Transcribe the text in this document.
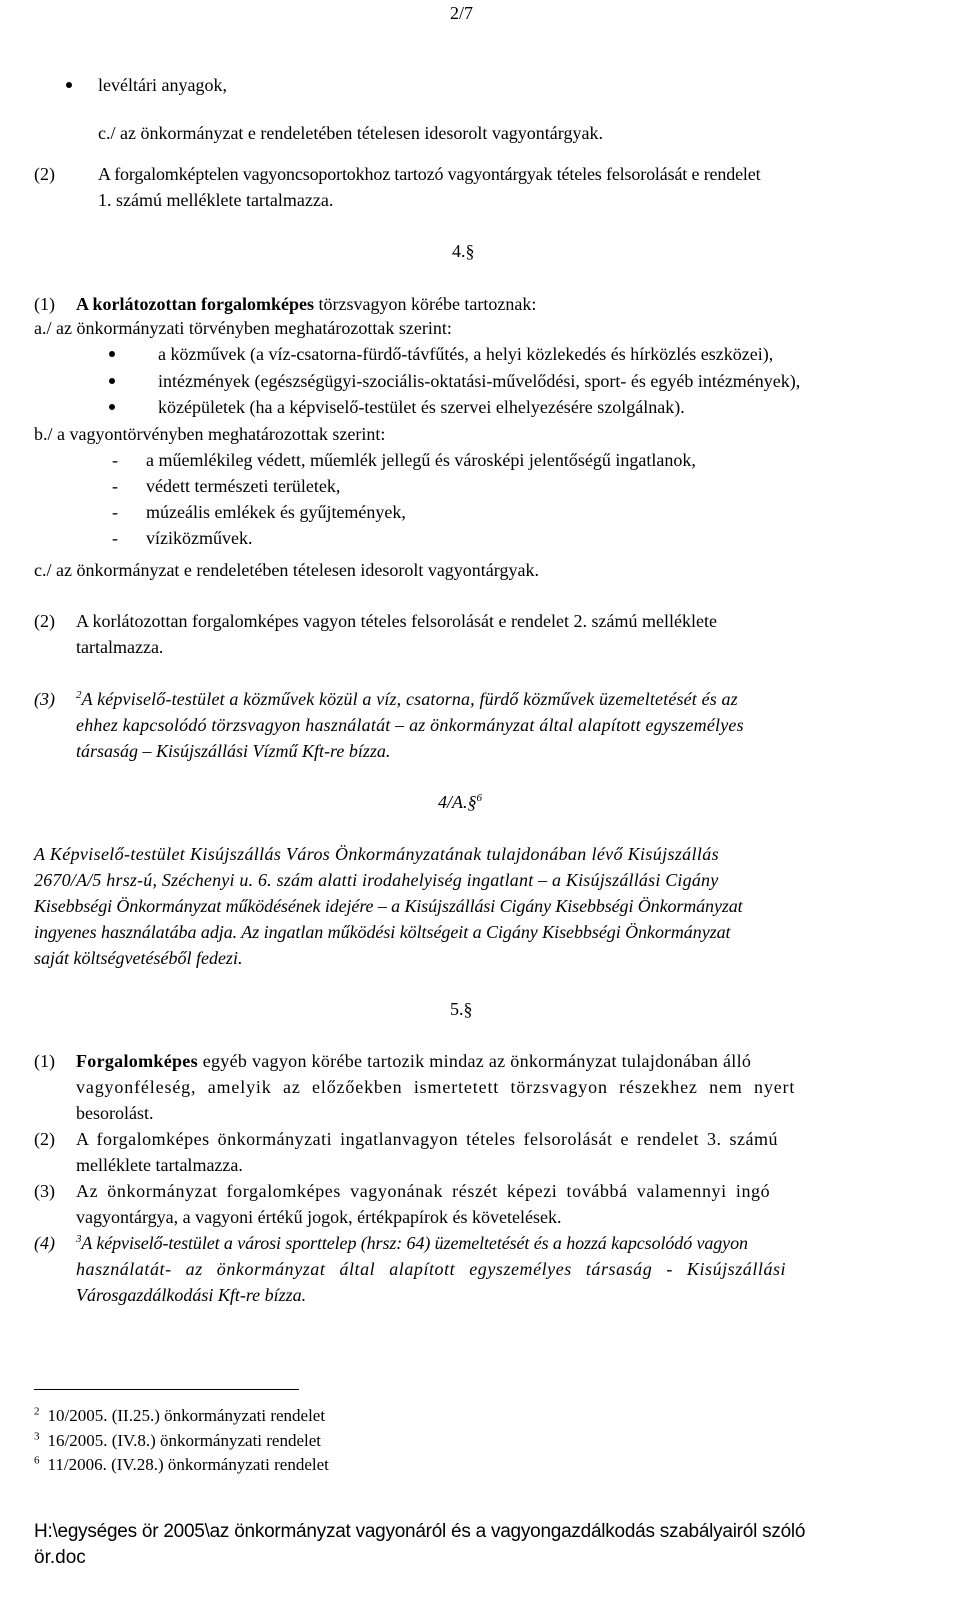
2/7
levéltári anyagok,
c./ az önkormányzat e rendeletében tételesen idesorolt vagyontárgyak.
(2) A forgalomképtelen vagyoncsoportokhoz tartozó vagyontárgyak tételes felsorolását e rendelet
1. számú melléklete tartalmazza.
4.§
(1) A korlátozottan forgalomképes törzsvagyon körébe tartoznak:
a./ az önkormányzati törvényben meghatározottak szerint:
a közművek (a víz-csatorna-fürdő-távfűtés, a helyi közlekedés és hírközlés eszközei),
intézmények (egészségügyi-szociális-oktatási-művelődési, sport- és egyéb intézmények),
középületek (ha a képviselő-testület és szervei elhelyezésére szolgálnak).
b./ a vagyontörvényben meghatározottak szerint:
- a műemlékileg védett, műemlék jellegű és városképi jelentőségű ingatlanok,
- védett természeti területek,
- múzeális emlékek és gyűjtemények,
- víziközművek.
c./ az önkormányzat e rendeletében tételesen idesorolt vagyontárgyak.
(2) A korlátozottan forgalomképes vagyon tételes felsorolását e rendelet 2. számú melléklete
tartalmazza.
(3) $^2$A képviselő-testület a közművek közül a víz, csatorna, fürdő közművek üzemeltetését és az
ehhez kapcsolódó törzsvagyon használatát – az önkormányzat által alapított egyszemélyes
társaság – Kisújszállási Vízmű Kft-re bízza.
4/A.§$^6$
A Képviselő-testület Kisújszállás Város Önkormányzatának tulajdonában lévő Kisújszállás
2670/A/5 hrsz-ú, Széchenyi u. 6. szám alatti irodahelyiség ingatlant – a Kisújszállási Cigány
Kisebbségi Önkormányzat működésének idejére – a Kisújszállási Cigány Kisebbségi Önkormányzat
ingyenes használatába adja. Az ingatlan működési költségeit a Cigány Kisebbségi Önkormányzat
saját költségvetéséből fedezi.
5.§
(1) Forgalomképes egyéb vagyon körébe tartozik mindaz az önkormányzat tulajdonában álló
vagyonféleség, amelyik az előzőekben ismertetett törzsvagyon részekhez nem nyert
besorolást.
(2) A forgalomképes önkormányzati ingatlanvagyon tételes felsorolását e rendelet 3. számú
melléklete tartalmazza.
(3) Az önkormányzat forgalomképes vagyonának részét képezi továbbá valamennyi ingó
vagyontárgya, a vagyoni értékű jogok, értékpapírok és követelések.
(4) $^3$A képviselő-testület a városi sporttelep (hrsz: 64) üzemeltetését és a hozzá kapcsolódó vagyon
használatát- az önkormányzat által alapított egyszemélyes társaság - Kisújszállási
Városgazdálkodási Kft-re bízza.
$^2$ 10/2005. (II.25.) önkormányzati rendelet
$^3$ 16/2005. (IV.8.) önkormányzati rendelet
$^6$ 11/2006. (IV.28.) önkormányzati rendelet
H:\egységes ör 2005\az önkormányzat vagyonáról és a vagyongazdálkodás szabályairól szóló
ör.doc
